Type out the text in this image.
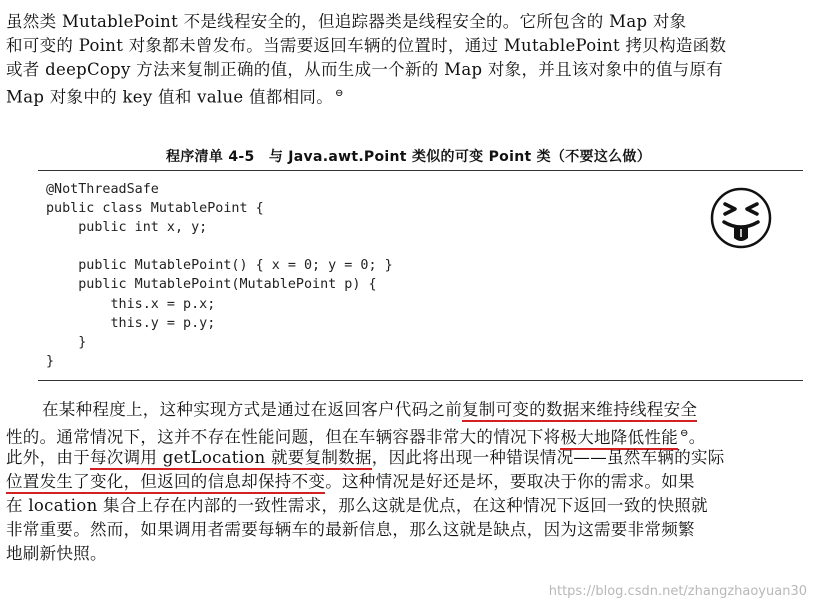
虽然类 MutablePoint 不是线程安全的，但追踪器类是线程安全的。它所包含的 Map 对象
和可变的 Point 对象都未曾发布。当需要返回车辆的位置时，通过 MutablePoint 拷贝构造函数
或者 deepCopy 方法来复制正确的值，从而生成一个新的 Map 对象，并且该对象中的值与原有
Map 对象中的 key 值和 value 值都相同。 ⊖
程序清单 4-5　与 Java.awt.Point 类似的可变 Point 类（不要这么做）
@NotThreadSafe
public class MutablePoint {
public int x, y;
public MutablePoint() { x = 0; y = 0; }
public MutablePoint(MutablePoint p) {
this.x = p.x;
this.y = p.y;
}
}
在某种程度上，这种实现方式是通过在返回客户代码之前复制可变的数据来维持线程安全
性的。通常情况下，这并不存在性能问题，但在车辆容器非常大的情况下将极大地降低性能 ⊖。
此外，由于每次调用 getLocation 就要复制数据，因此将出现一种错误情况——虽然车辆的实际
位置发生了变化，但返回的信息却保持不变。这种情况是好还是坏，要取决于你的需求。如果
在 location 集合上存在内部的一致性需求，那么这就是优点，在这种情况下返回一致的快照就
非常重要。然而，如果调用者需要每辆车的最新信息，那么这就是缺点，因为这需要非常频繁
地刷新快照。
https://blog.csdn.net/zhangzhaoyuan30
